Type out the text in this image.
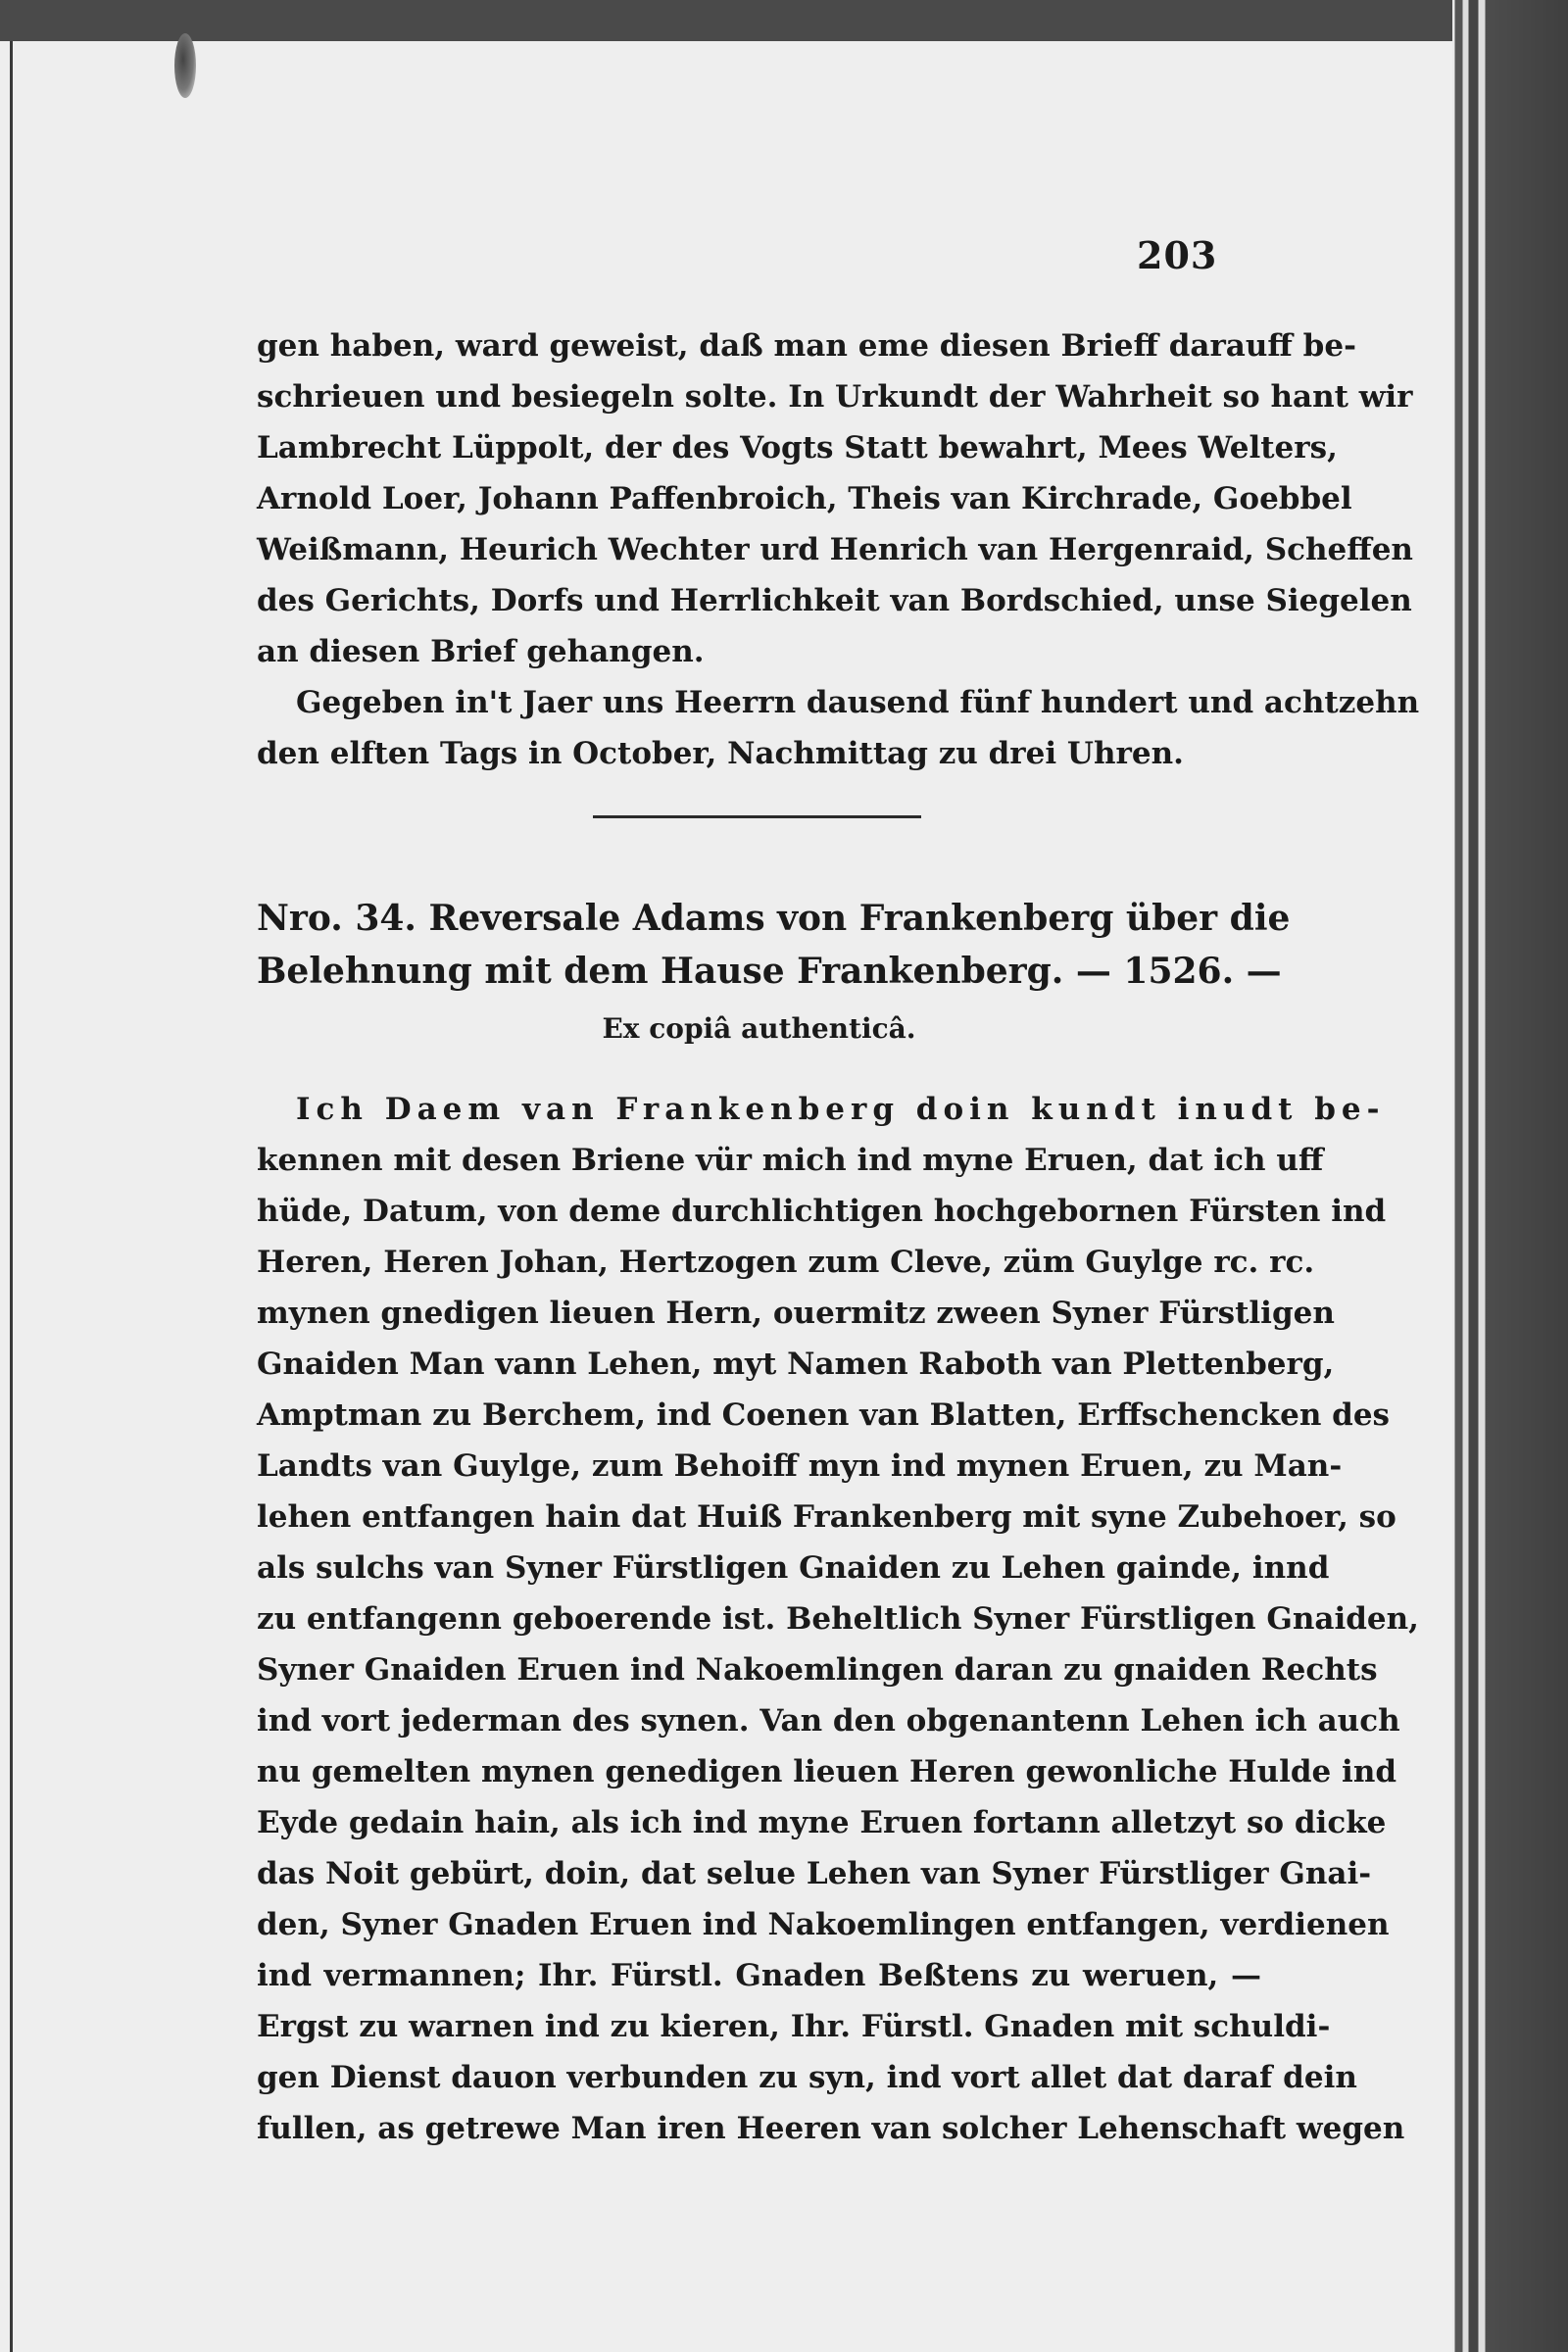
203
gen haben, ward geweist, daß man eme diesen Brieff darauff be-
schrieuen und besiegeln solte. In Urkundt der Wahrheit so hant wir
Lambrecht Lüppolt, der des Vogts Statt bewahrt, Mees Welters,
Arnold Loer, Johann Paffenbroich, Theis van Kirchrade, Goebbel
Weißmann, Heurich Wechter urd Henrich van Hergenraid, Scheffen
des Gerichts, Dorfs und Herrlichkeit van Bordschied, unse Siegelen
an diesen Brief gehangen.
Gegeben in't Jaer uns Heerrn dausend fünf hundert und achtzehn
den elften Tags in October, Nachmittag zu drei Uhren.
Nro. 34. Reversale Adams von Frankenberg über die
Belehnung mit dem Hause Frankenberg. — 1526. —
Ex copiâ authenticâ.
Ich Daem van Frankenberg doin kundt inudt be-
kennen mit desen Briene vür mich ind myne Eruen, dat ich uff
hüde, Datum, von deme durchlichtigen hochgebornen Fürsten ind
Heren, Heren Johan, Hertzogen zum Cleve, züm Guylge rc. rc.
mynen gnedigen lieuen Hern, ouermitz zween Syner Fürstligen
Gnaiden Man vann Lehen, myt Namen Raboth van Plettenberg,
Amptman zu Berchem, ind Coenen van Blatten, Erffschencken des
Landts van Guylge, zum Behoiff myn ind mynen Eruen, zu Man-
lehen entfangen hain dat Huiß Frankenberg mit syne Zubehoer, so
als sulchs van Syner Fürstligen Gnaiden zu Lehen gainde, innd
zu entfangenn geboerende ist. Beheltlich Syner Fürstligen Gnaiden,
Syner Gnaiden Eruen ind Nakoemlingen daran zu gnaiden Rechts
ind vort jederman des synen. Van den obgenantenn Lehen ich auch
nu gemelten mynen genedigen lieuen Heren gewonliche Hulde ind
Eyde gedain hain, als ich ind myne Eruen fortann alletzyt so dicke
das Noit gebürt, doin, dat selue Lehen van Syner Fürstliger Gnai-
den, Syner Gnaden Eruen ind Nakoemlingen entfangen, verdienen
ind vermannen; Ihr. Fürstl. Gnaden Beßtens zu weruen, —
Ergst zu warnen ind zu kieren, Ihr. Fürstl. Gnaden mit schuldi-
gen Dienst dauon verbunden zu syn, ind vort allet dat daraf dein
fullen, as getrewe Man iren Heeren van solcher Lehenschaft wegen
